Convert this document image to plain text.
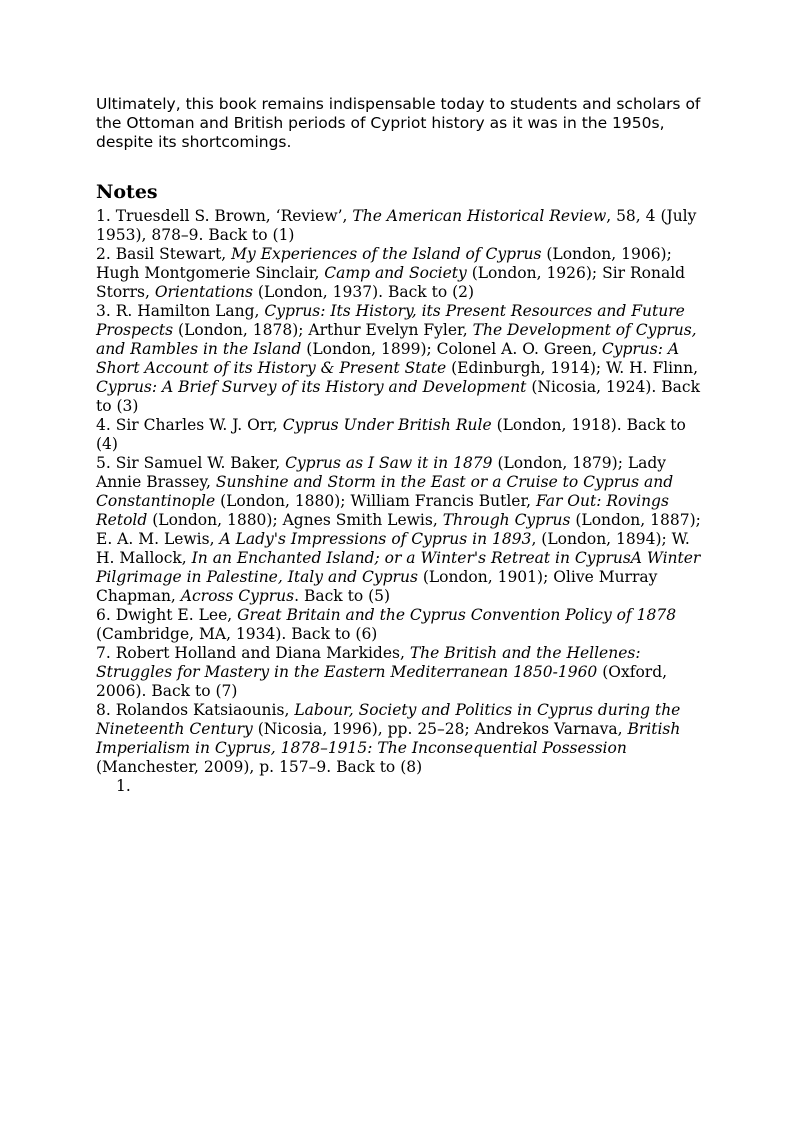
Ultimately, this book remains indispensable today to students and scholars of the Ottoman and British periods of Cypriot history as it was in the 1950s, despite its shortcomings.

Notes

1. Truesdell S. Brown, ‘Review’, The American Historical Review, 58, 4 (July 1953), 878–9. Back to (1)

2. Basil Stewart, My Experiences of the Island of Cyprus (London, 1906); Hugh Montgomerie Sinclair, Camp and Society (London, 1926); Sir Ronald Storrs, Orientations (London, 1937). Back to (2)

3. R. Hamilton Lang, Cyprus: Its History, its Present Resources and Future Prospects (London, 1878); Arthur Evelyn Fyler, The Development of Cyprus, and Rambles in the Island (London, 1899); Colonel A. O. Green, Cyprus: A Short Account of its History & Present State (Edinburgh, 1914); W. H. Flinn, Cyprus: A Brief Survey of its History and Development (Nicosia, 1924). Back to (3)

4. Sir Charles W. J. Orr, Cyprus Under British Rule (London, 1918). Back to (4)

5. Sir Samuel W. Baker, Cyprus as I Saw it in 1879 (London, 1879); Lady Annie Brassey, Sunshine and Storm in the East or a Cruise to Cyprus and Constantinople (London, 1880); William Francis Butler, Far Out: Rovings Retold (London, 1880); Agnes Smith Lewis, Through Cyprus (London, 1887); E. A. M. Lewis, A Lady's Impressions of Cyprus in 1893, (London, 1894); W. H. Mallock, In an Enchanted Island; or a Winter's Retreat in CyprusA Winter Pilgrimage in Palestine, Italy and Cyprus (London, 1901); Olive Murray Chapman, Across Cyprus. Back to (5)

6. Dwight E. Lee, Great Britain and the Cyprus Convention Policy of 1878 (Cambridge, MA, 1934). Back to (6)

7. Robert Holland and Diana Markides, The British and the Hellenes: Struggles for Mastery in the Eastern Mediterranean 1850-1960 (Oxford, 2006). Back to (7)

8. Rolandos Katsiaounis, Labour, Society and Politics in Cyprus during the Nineteenth Century (Nicosia, 1996), pp. 25–28; Andrekos Varnava, British Imperialism in Cyprus, 1878–1915: The Inconsequential Possession (Manchester, 2009), p. 157–9. Back to (8)

1.
